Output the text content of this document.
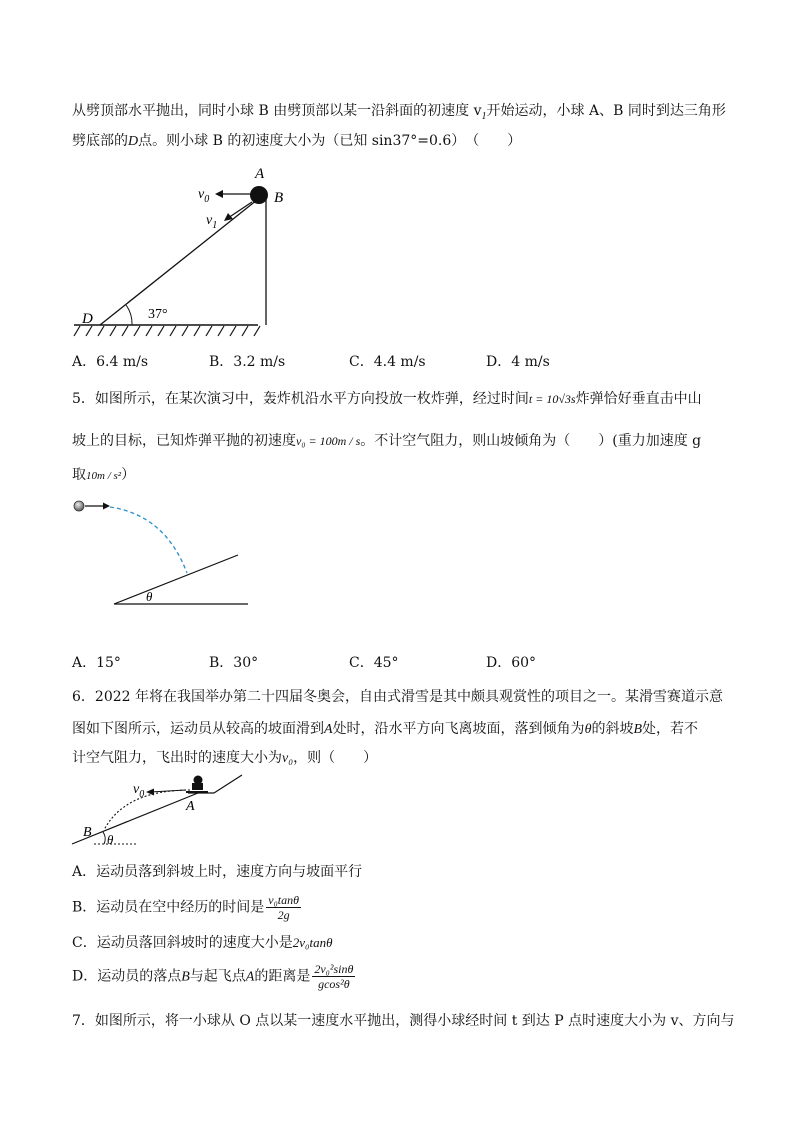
从劈顶部水平抛出，同时小球 B 由劈顶部以某一沿斜面的初速度 $v_1$开始运动，小球 A、B 同时到达三角形
劈底部的D点。则小球 B 的初速度大小为（已知 sin37°=0.6）　（　　）
A
B
D
$v_0$
$v_1$
37°
A．6.4 m/s	B．3.2 m/s	C．4.4 m/s	D．4 m/s
5．如图所示，在某次演习中，轰炸机沿水平方向投放一枚炸弹，经过时间t = 10√3s炸弹恰好垂直击中山
坡上的目标，已知炸弹平抛的初速度v₀ = 100m / s。不计空气阻力，则山坡倾角为（　　）(重力加速度 g
取10m / s²）
θ
A．15°	B．30°	C．45°	D．60°
6．2022 年将在我国举办第二十四届冬奥会，自由式滑雪是其中颇具观赏性的项目之一。某滑雪赛道示意
图如下图所示，运动员从较高的坡面滑到A处时，沿水平方向飞离坡面，落到倾角为θ的斜坡B处，若不
计空气阻力，飞出时的速度大小为v₀，则（　　）
$v_0$
A
B θ
A．运动员落到斜坡上时，速度方向与坡面平行
B．运动员在空中经历的时间是 $\frac{\text{v₀tanθ}}{2g}$
C．运动员落回斜坡时的速度大小是2v₀tanθ
D．运动员的落点B与起飞点A的距离是 $\frac{\text{2v₀²sinθ}}{\text{gcos²θ}}$
7．如图所示，将一小球从 O 点以某一速度水平抛出，测得小球经时间 t 到达 P 点时速度大小为 v、方向与
